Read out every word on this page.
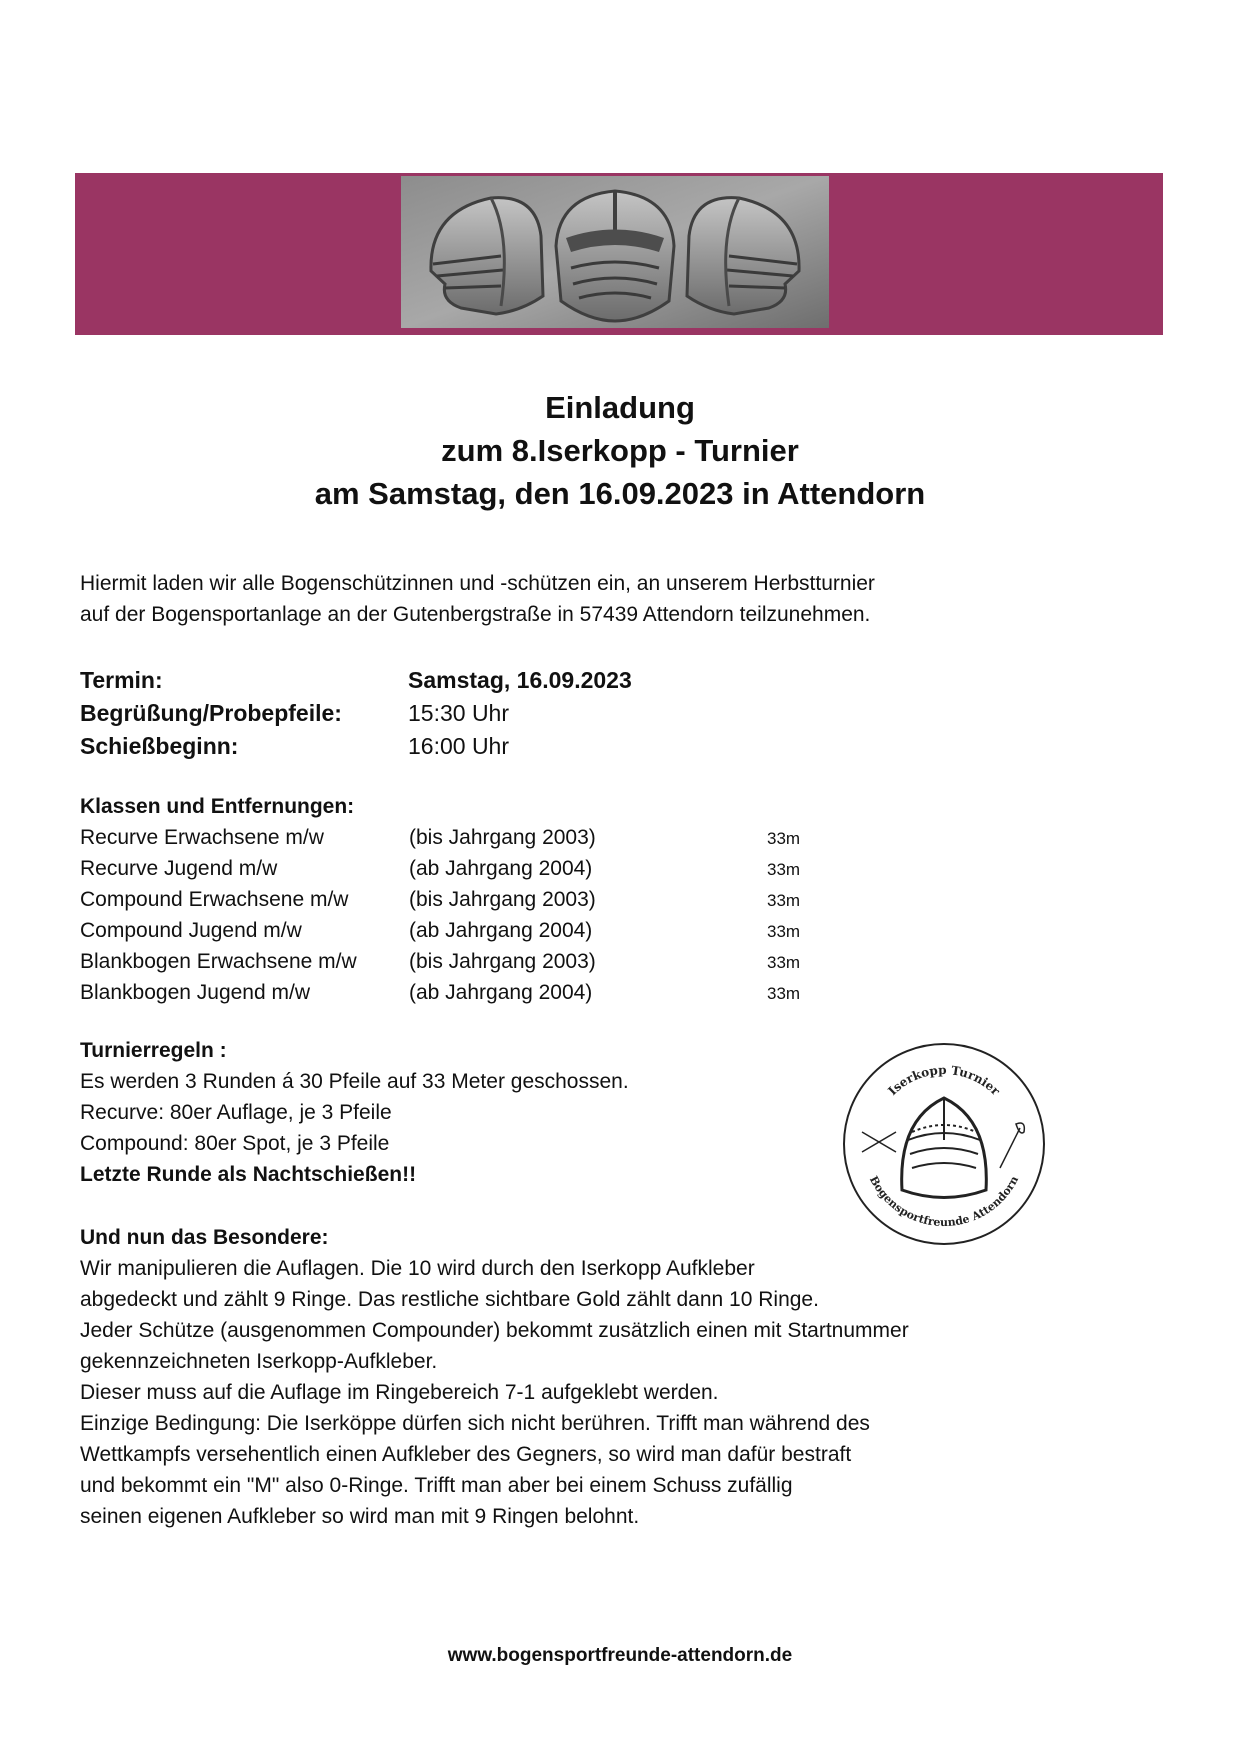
Einladung
zum 8.Iserkopp - Turnier
am Samstag, den 16.09.2023 in Attendorn
Hiermit laden wir alle Bogenschützinnen und -schützen ein, an unserem Herbstturnier
auf der Bogensportanlage an der Gutenbergstraße in 57439 Attendorn teilzunehmen.
Termin:	Samstag, 16.09.2023
Begrüßung/Probepfeile:	15:30 Uhr
Schießbeginn:	16:00 Uhr
Klassen und Entfernungen:
Recurve Erwachsene m/w	(bis Jahrgang 2003)	33m
Recurve Jugend m/w	(ab Jahrgang 2004)	33m
Compound Erwachsene m/w	(bis Jahrgang 2003)	33m
Compound Jugend m/w	(ab Jahrgang 2004)	33m
Blankbogen Erwachsene m/w (bis Jahrgang 2003)	33m
Blankbogen Jugend m/w	(ab Jahrgang 2004)	33m
Turnierregeln :
Es werden 3 Runden á 30 Pfeile auf 33 Meter geschossen.
Recurve: 80er Auflage, je 3 Pfeile
Compound: 80er Spot, je 3 Pfeile
Letzte Runde als Nachtschießen!!
Iserkopp Turnier
Bogensportfreunde Attendorn
Und nun das Besondere:
Wir manipulieren die Auflagen. Die 10 wird durch den Iserkopp Aufkleber
abgedeckt und zählt 9 Ringe. Das restliche sichtbare Gold zählt dann 10 Ringe.
Jeder Schütze (ausgenommen Compounder) bekommt zusätzlich einen mit Startnummer
gekennzeichneten Iserkopp-Aufkleber.
Dieser muss auf die Auflage im Ringebereich 7-1 aufgeklebt werden.
Einzige Bedingung: Die Iserköppe dürfen sich nicht berühren. Trifft man während des
Wettkampfs versehentlich einen Aufkleber des Gegners, so wird man dafür bestraft
und bekommt ein "M" also 0-Ringe. Trifft man aber bei einem Schuss zufällig
seinen eigenen Aufkleber so wird man mit 9 Ringen belohnt.
www.bogensportfreunde-attendorn.de
